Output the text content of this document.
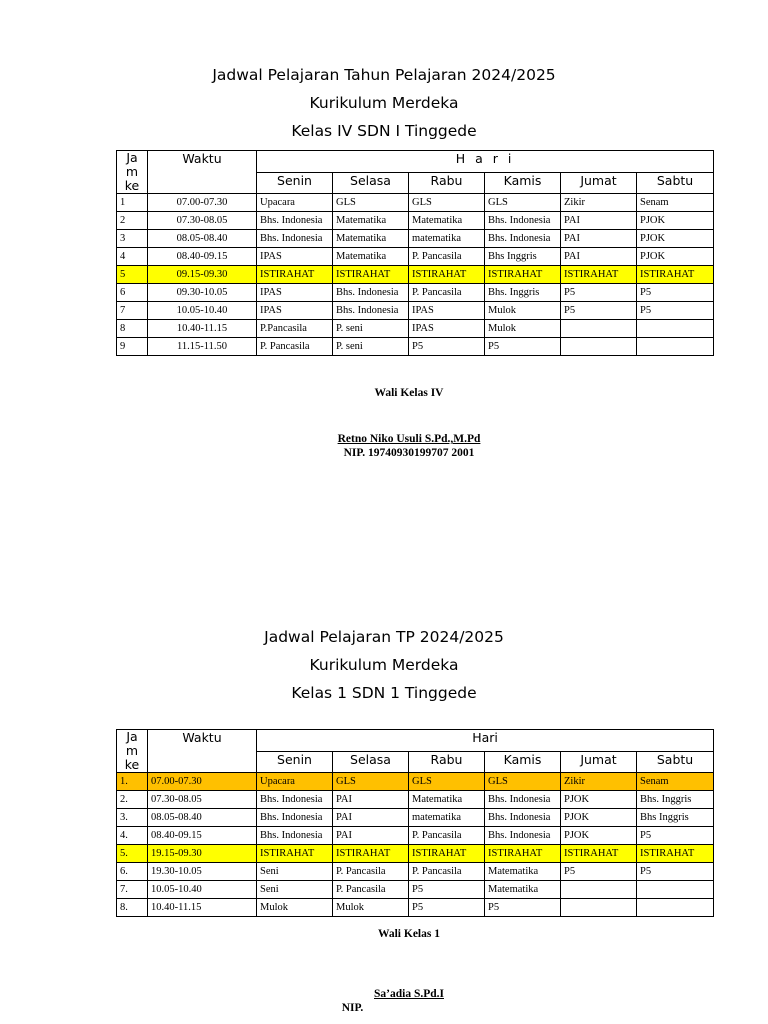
Jadwal Pelajaran Tahun Pelajaran 2024/2025
Kurikulum Merdeka
Kelas IV SDN I Tinggede
Ja
m
ke	Waktu	H a r i					
		Senin	Selasa	Rabu	Kamis	Jumat	Sabtu
1	07.00-07.30	Upacara	GLS	GLS	GLS	Zikir	Senam
2	07.30-08.05	Bhs. Indonesia	Matematika	Matematika	Bhs. Indonesia	PAI	PJOK
3	08.05-08.40	Bhs. Indonesia	Matematika	matematika	Bhs. Indonesia	PAI	PJOK
4	08.40-09.15	IPAS	Matematika	P. Pancasila	Bhs Inggris	PAI	PJOK
5	09.15-09.30	ISTIRAHAT	ISTIRAHAT	ISTIRAHAT	ISTIRAHAT	ISTIRAHAT	ISTIRAHAT
6	09.30-10.05	IPAS	Bhs. Indonesia	P. Pancasila	Bhs. Inggris	P5	P5
7	10.05-10.40	IPAS	Bhs. Indonesia	IPAS	Mulok	P5	P5
8	10.40-11.15	P.Pancasila	P. seni	IPAS	Mulok		
9	11.15-11.50	P. Pancasila	P. seni	P5	P5		
Wali Kelas IV
Retno Niko Usuli S.Pd.,M.Pd
NIP. 19740930199707 2001
Jadwal Pelajaran TP 2024/2025
Kurikulum Merdeka
Kelas 1 SDN 1 Tinggede
Ja
m
ke	Waktu	Hari					
		Senin	Selasa	Rabu	Kamis	Jumat	Sabtu
1.	07.00-07.30	Upacara	GLS	GLS	GLS	Zikir	Senam
2.	07.30-08.05	Bhs. Indonesia	PAI	Matematika	Bhs. Indonesia	PJOK	Bhs. Inggris
3.	08.05-08.40	Bhs. Indonesia	PAI	matematika	Bhs. Indonesia	PJOK	Bhs Inggris
4.	08.40-09.15	Bhs. Indonesia	PAI	P. Pancasila	Bhs. Indonesia	PJOK	P5
5.	19.15-09.30	ISTIRAHAT	ISTIRAHAT	ISTIRAHAT	ISTIRAHAT	ISTIRAHAT	ISTIRAHAT
6.	19.30-10.05	Seni	P. Pancasila	P. Pancasila	Matematika	P5	P5
7.	10.05-10.40	Seni	P. Pancasila	P5	Matematika		
8.	10.40-11.15	Mulok	Mulok	P5	P5		
Wali Kelas 1
Sa’adia S.Pd.I
NIP.
